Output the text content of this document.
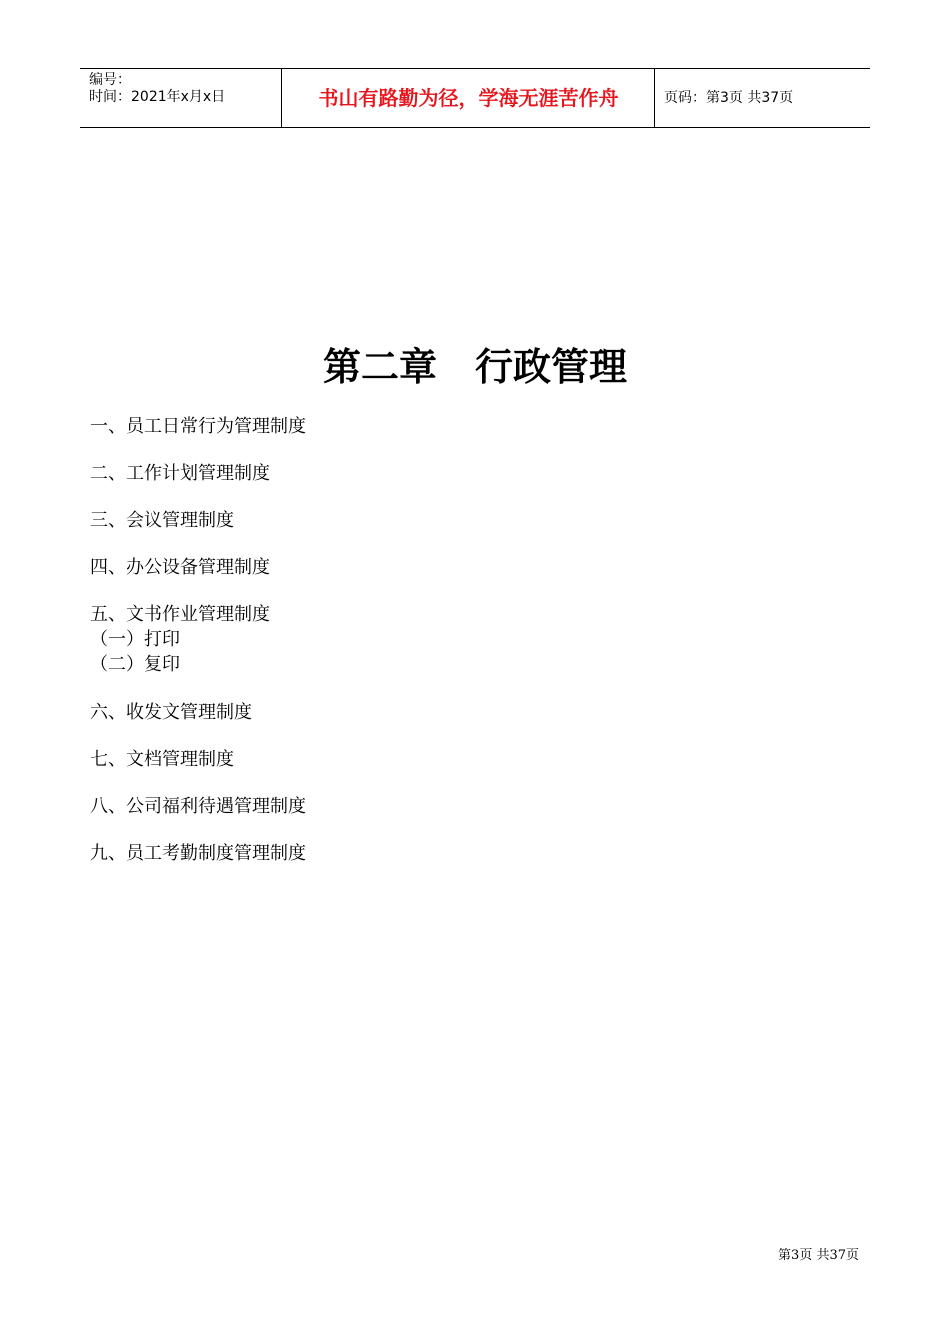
编号：
时间：2021年x月x日	书山有路勤为径，学海无涯苦作舟	页码：第3页 共37页
第二章　行政管理
一、员工日常行为管理制度
二、工作计划管理制度
三、会议管理制度
四、办公设备管理制度
五、文书作业管理制度
（一）打印
（二）复印
六、收发文管理制度
七、文档管理制度
八、公司福利待遇管理制度
九、员工考勤制度管理制度
第3页 共37页
